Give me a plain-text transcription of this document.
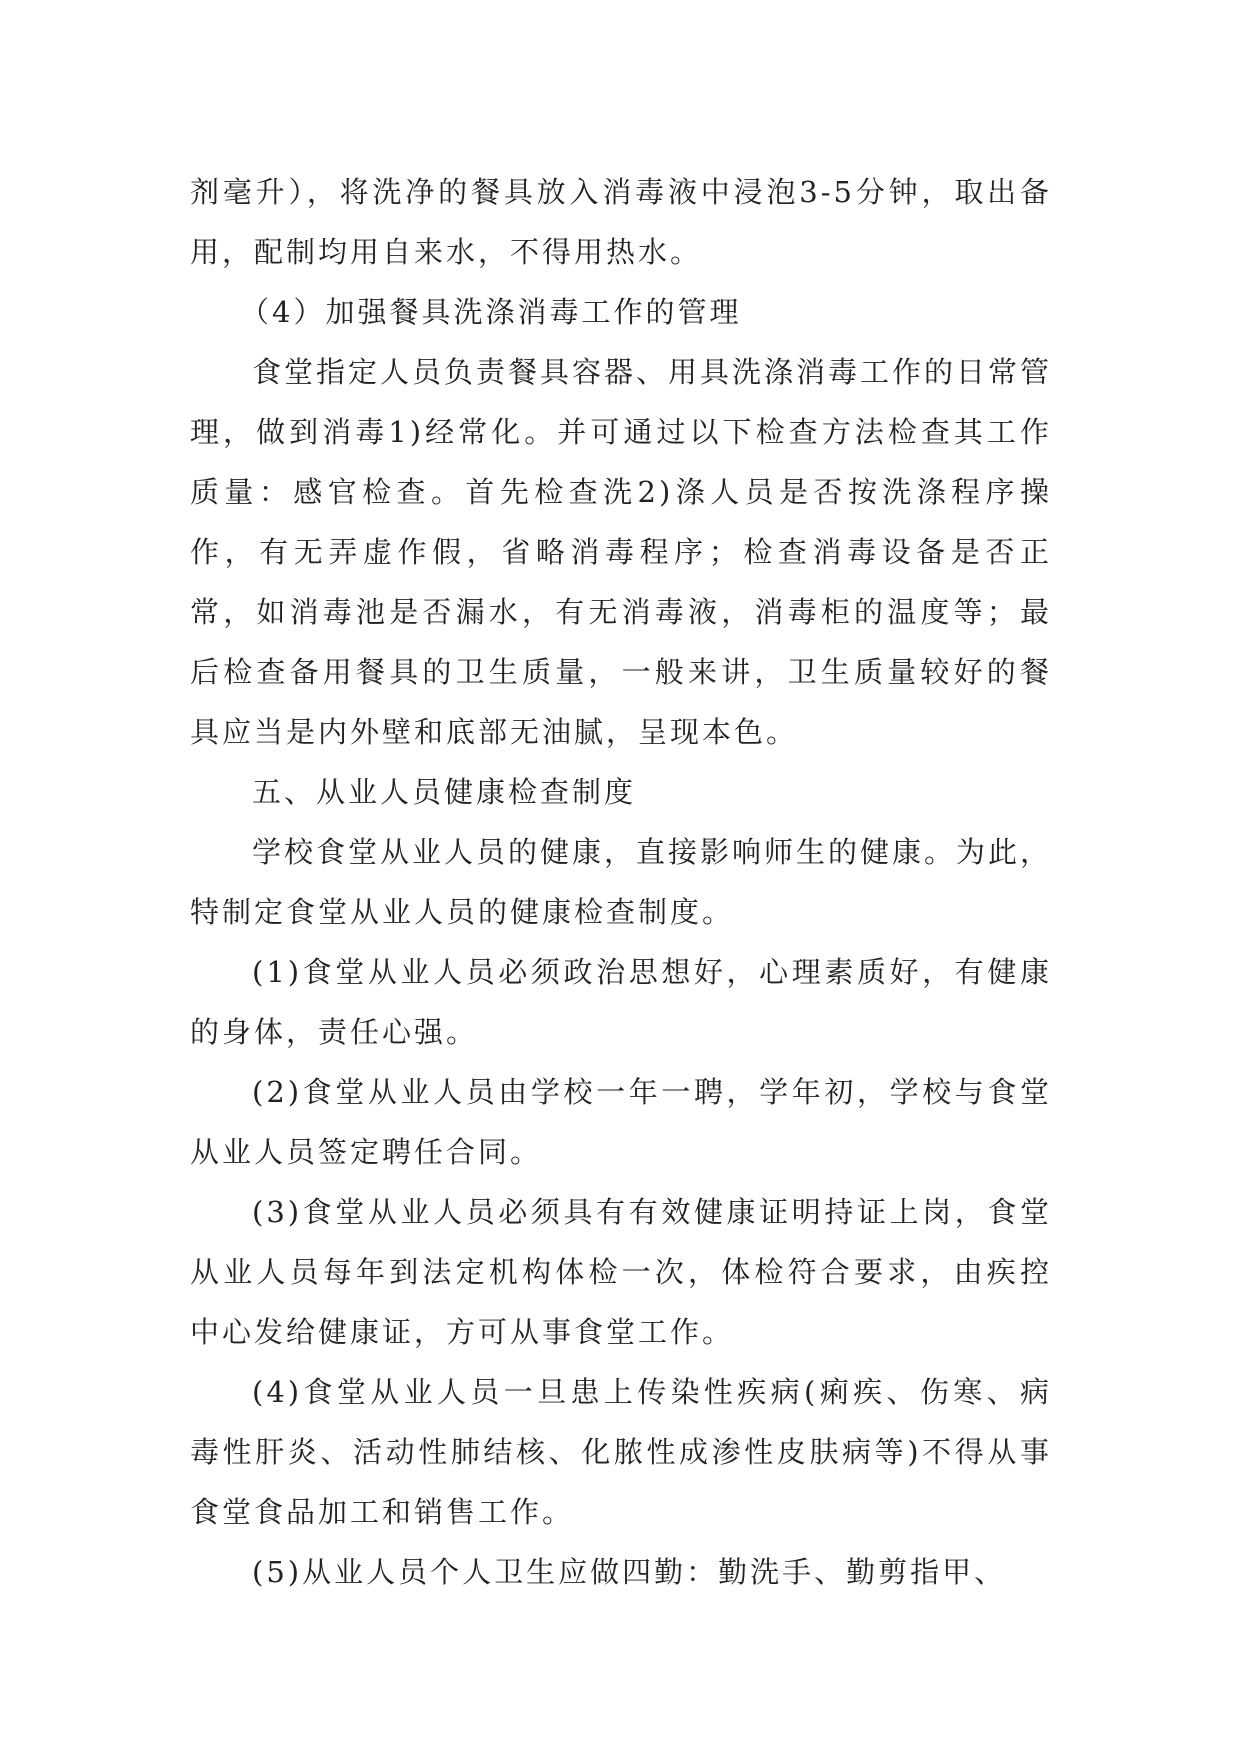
剂毫升），将洗净的餐具放入消毒液中浸泡3-5分钟，取出备用，配制均用自来水，不得用热水。

（4）加强餐具洗涤消毒工作的管理

食堂指定人员负责餐具容器、用具洗涤消毒工作的日常管理，做到消毒1)经常化。并可通过以下检查方法检查其工作质量：感官检查。首先检查洗2)涤人员是否按洗涤程序操作，有无弄虚作假，省略消毒程序；检查消毒设备是否正常，如消毒池是否漏水，有无消毒液，消毒柜的温度等；最后检查备用餐具的卫生质量，一般来讲，卫生质量较好的餐具应当是内外壁和底部无油腻，呈现本色。

五、从业人员健康检查制度

学校食堂从业人员的健康，直接影响师生的健康。为此，特制定食堂从业人员的健康检查制度。

(1)食堂从业人员必须政治思想好，心理素质好，有健康的身体，责任心强。

(2)食堂从业人员由学校一年一聘，学年初，学校与食堂从业人员签定聘任合同。

(3)食堂从业人员必须具有有效健康证明持证上岗，食堂从业人员每年到法定机构体检一次，体检符合要求，由疾控中心发给健康证，方可从事食堂工作。

(4)食堂从业人员一旦患上传染性疾病(痢疾、伤寒、病毒性肝炎、活动性肺结核、化脓性成渗性皮肤病等)不得从事食堂食品加工和销售工作。

(5)从业人员个人卫生应做四勤：勤洗手、勤剪指甲、
